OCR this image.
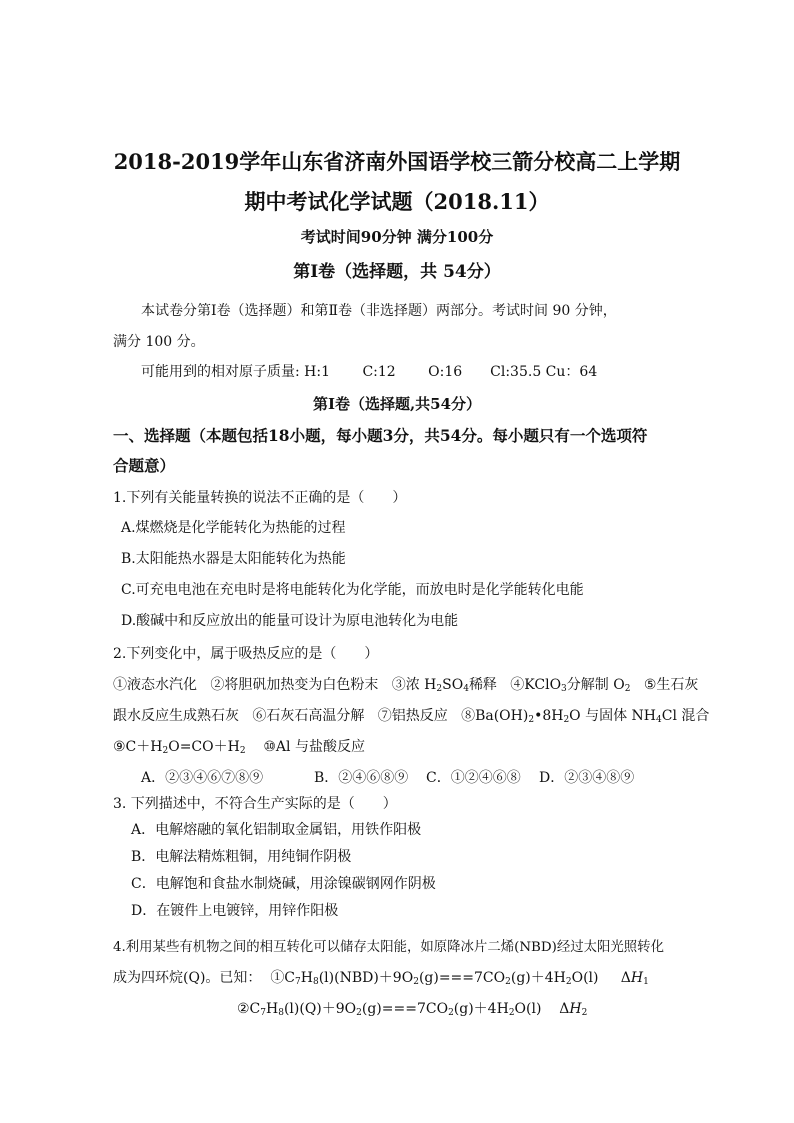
2018-2019学年山东省济南外国语学校三箭分校高二上学期
期中考试化学试题（2018.11）
考试时间90分钟 满分100分
第Ⅰ卷（选择题，共 54分）
本试卷分第Ⅰ卷（选择题）和第Ⅱ卷（非选择题）两部分。考试时间 90 分钟，
满分 100 分。
可能用到的相对原子质量: H:1　　 C:12　　 O:16　　Cl:35.5 Cu：64
第Ⅰ卷（选择题,共54分）
一、选择题（本题包括18小题，每小题3分，共54分。每小题只有一个选项符
合题意）
1.下列有关能量转换的说法不正确的是（　　）
A.煤燃烧是化学能转化为热能的过程
B.太阳能热水器是太阳能转化为热能
C.可充电电池在充电时是将电能转化为化学能，而放电时是化学能转化电能
D.酸碱中和反应放出的能量可设计为原电池转化为电能
2.下列变化中，属于吸热反应的是（　　）
①液态水汽化 ②将胆矾加热变为白色粉末 ③浓 $H_2SO_4$稀释 ④KClO$_3$分解制 $O_2$ ⑤生石灰
跟水反应生成熟石灰 ⑥石灰石高温分解 ⑦铝热反应 $⑧Ba(OH)_2•8H_2O$ 与固体 $NH_4Cl$ 混合
$⑨C+H_2O=CO+H_2$ ⑩Al 与盐酸反应
A．②③④⑥⑦⑧⑨	B．②④⑥⑧⑨ C．①②④⑥⑧ D．②③④⑧⑨
3. 下列描述中，不符合生产实际的是（　　）
A．电解熔融的氧化铝制取金属铝，用铁作阳极
B．电解法精炼粗铜，用纯铜作阴极
C．电解饱和食盐水制烧碱，用涂镍碳钢网作阴极
D．在镀件上电镀锌，用锌作阳极
4.利用某些有机物之间的相互转化可以储存太阳能，如原降冰片二烯(NBD)经过太阳光照转化
成为四环烷(Q)。已知： $①C_7H_8(l)(NBD)+9O_2(g)===7CO_2(g)+4H_2O(l)$ $\Delta H_1$
$②C_7H_8(l)(Q)+9O_2(g)===7CO_2(g)+4H_2O(l)$ $\Delta H_2$
